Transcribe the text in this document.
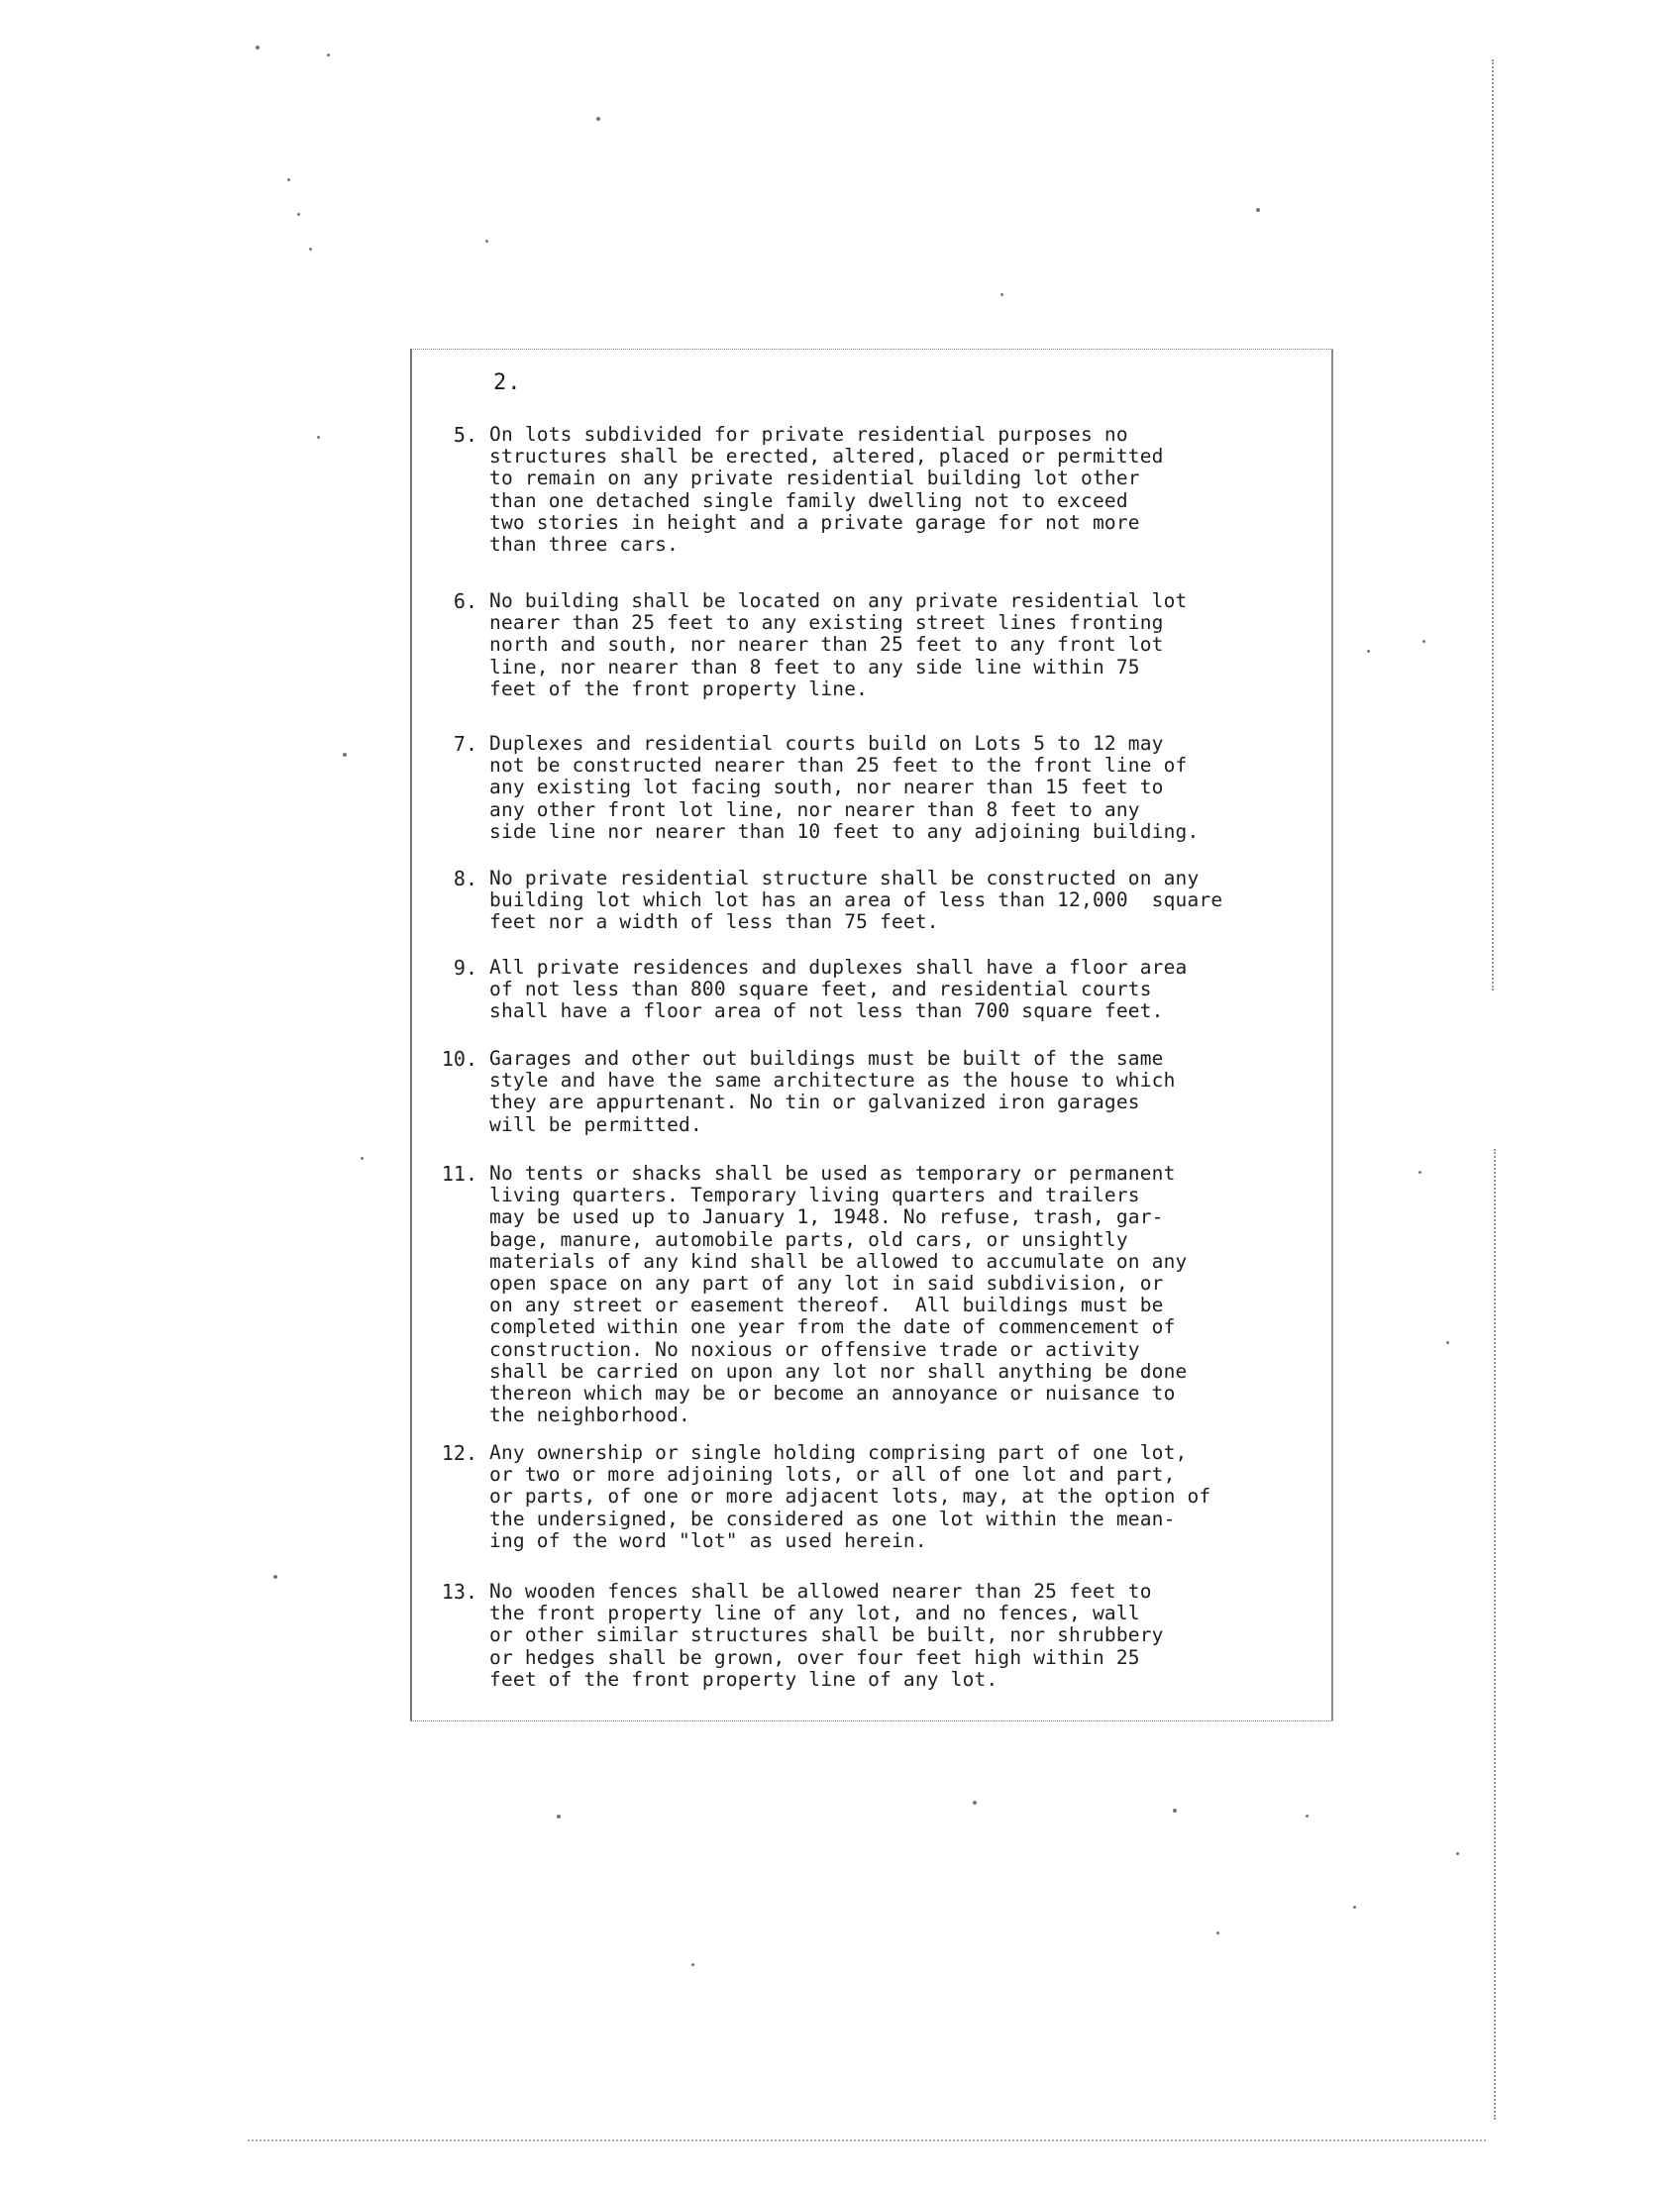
2.
5. On lots subdivided for private residential purposes no
structures shall be erected, altered, placed or permitted
to remain on any private residential building lot other
than one detached single family dwelling not to exceed
two stories in height and a private garage for not more
than three cars.
6. No building shall be located on any private residential lot
nearer than 25 feet to any existing street lines fronting
north and south, nor nearer than 25 feet to any front lot
line, nor nearer than 8 feet to any side line within 75
feet of the front property line.
7. Duplexes and residential courts build on Lots 5 to 12 may
not be constructed nearer than 25 feet to the front line of
any existing lot facing south, nor nearer than 15 feet to
any other front lot line, nor nearer than 8 feet to any
side line nor nearer than 10 feet to any adjoining building.
8. No private residential structure shall be constructed on any
building lot which lot has an area of less than 12,000  square
feet nor a width of less than 75 feet.
9. All private residences and duplexes shall have a floor area
of not less than 800 square feet, and residential courts
shall have a floor area of not less than 700 square feet.
10. Garages and other out buildings must be built of the same
style and have the same architecture as the house to which
they are appurtenant. No tin or galvanized iron garages
will be permitted.
11. No tents or shacks shall be used as temporary or permanent
living quarters. Temporary living quarters and trailers
may be used up to January 1, 1948. No refuse, trash, gar-
bage, manure, automobile parts, old cars, or unsightly
materials of any kind shall be allowed to accumulate on any
open space on any part of any lot in said subdivision, or
on any street or easement thereof.  All buildings must be
completed within one year from the date of commencement of
construction. No noxious or offensive trade or activity
shall be carried on upon any lot nor shall anything be done
thereon which may be or become an annoyance or nuisance to
the neighborhood.
12. Any ownership or single holding comprising part of one lot,
or two or more adjoining lots, or all of one lot and part,
or parts, of one or more adjacent lots, may, at the option of
the undersigned, be considered as one lot within the mean-
ing of the word "lot" as used herein.
13. No wooden fences shall be allowed nearer than 25 feet to
the front property line of any lot, and no fences, wall
or other similar structures shall be built, nor shrubbery
or hedges shall be grown, over four feet high within 25
feet of the front property line of any lot.
